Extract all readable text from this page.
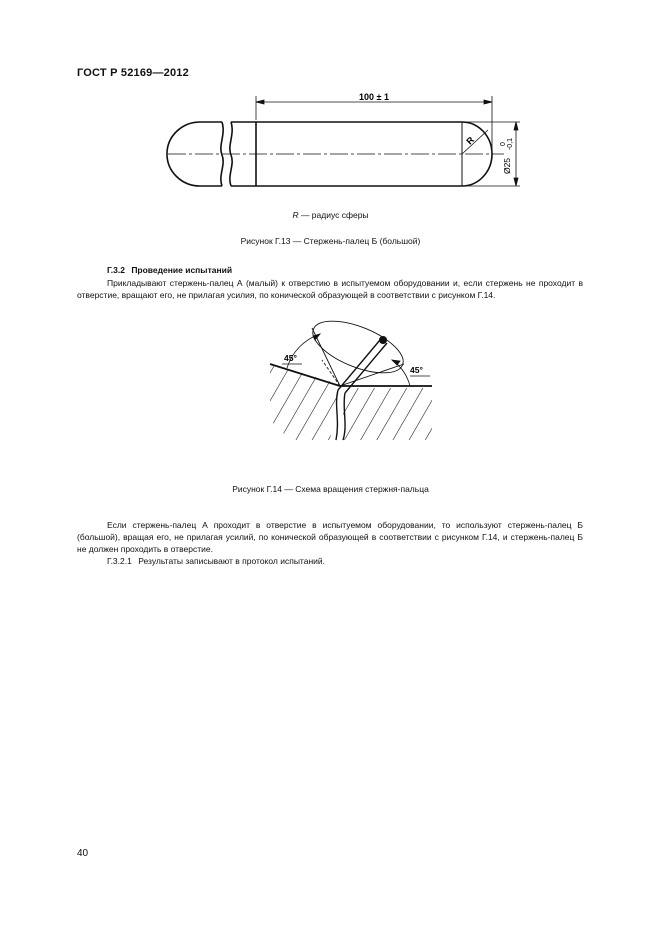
ГОСТ Р 52169—2012
100 ± 1
Ø25
0 -0,1
R
R — радиус сферы
Рисунок Г.13 — Стержень-палец Б (большой)
Г.3.2 Проведение испытаний
Прикладывают стержень-палец А (малый) к отверстию в испытуемом оборудовании и, если стержень не проходит в отверстие, вращают его, не прилагая усилия, по конической образующей в соответствии с рисунком Г.14.
45°
45°
Рисунок Г.14 — Схема вращения стержня-пальца
Если стержень-палец А проходит в отверстие в испытуемом оборудовании, то используют стержень-палец Б (большой), вращая его, не прилагая усилий, по конической образующей в соответствии с рисунком Г.14, и стержень-палец Б не должен проходить в отверстие.
Г.3.2.1 Результаты записывают в протокол испытаний.
40
